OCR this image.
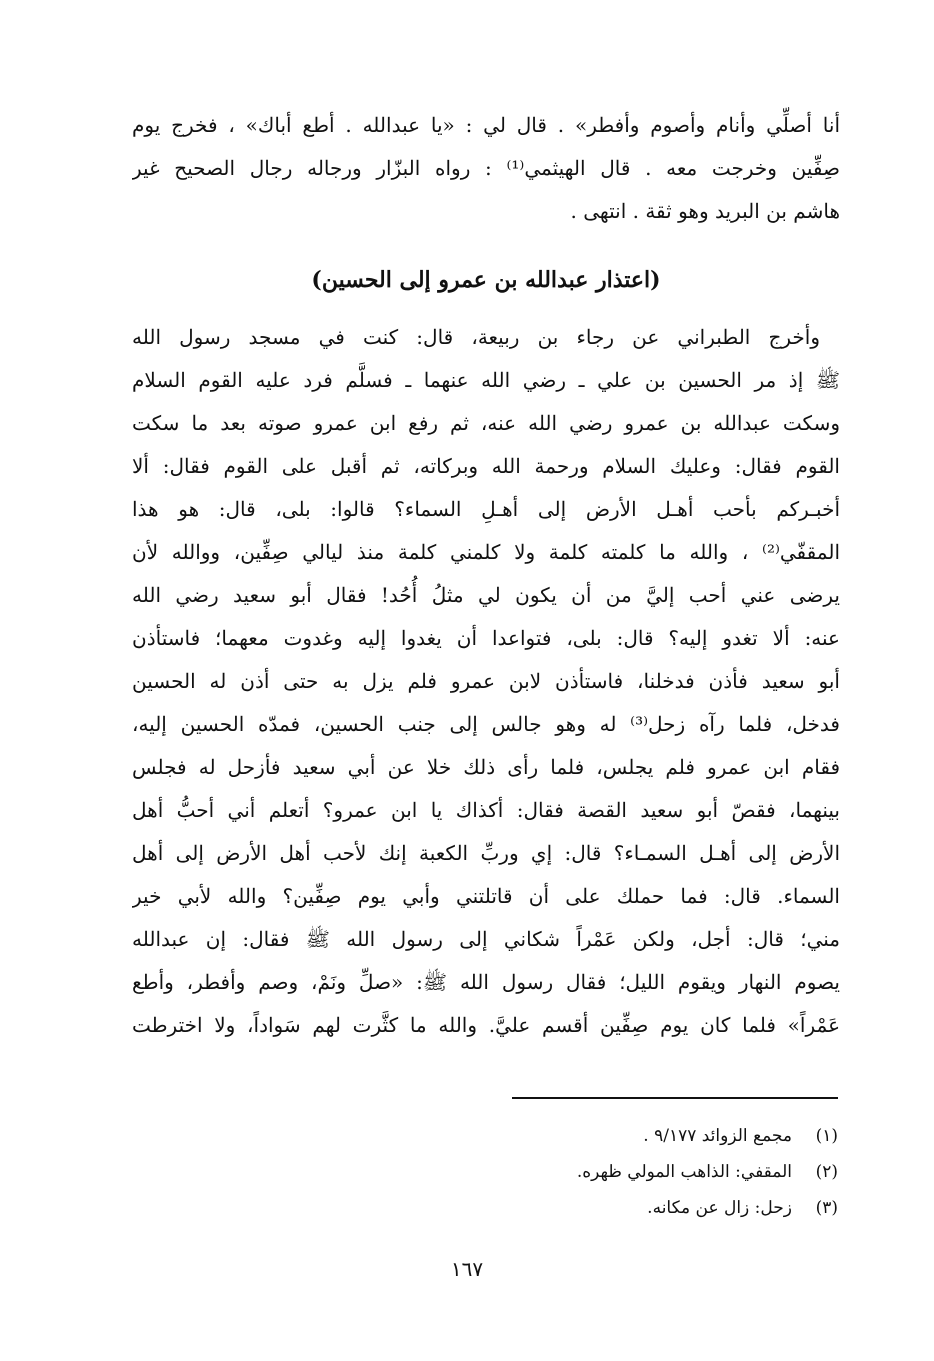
أنا أصلِّي وأنام وأصوم وأفطر» . قال لي : «يا عبدالله . أطع أباك» ، فخرج يوم
صِفِّين وخرجت معه . قال الهيثمي⁽¹⁾ : رواه البزّار ورجاله رجال الصحيح غير
هاشم بن البريد وهو ثقة . انتهى .
(اعتذار عبدالله بن عمرو إلى الحسين)
وأخرج الطبراني عن رجاء بن ربيعة، قال: كنت في مسجد رسول الله
ﷺ إذ مر الحسين بن علي ـ رضي الله عنهما ـ فسلَّم فرد عليه القوم السلام
وسكت عبدالله بن عمرو رضي الله عنه، ثم رفع ابن عمرو صوته بعد ما سكت
القوم فقال: وعليك السلام ورحمة الله وبركاته، ثم أقبل على القوم فقال: ألا
أخبـركم بأحب أهـل الأرض إلى أهـلِ السماء؟ قالوا: بلى، قال: هو هذا
المقفّي⁽²⁾ ، والله ما كلمته كلمة ولا كلمني كلمة منذ ليالي صِفِّين، ووالله لأن
يرضى عني أحب إليَّ من أن يكون لي مثلُ أُحُد! فقال أبو سعيد رضي الله
عنه: ألا تغدو إليه؟ قال: بلى، فتواعدا أن يغدوا إليه وغدوت معهما؛ فاستأذن
أبو سعيد فأذن فدخلنا، فاستأذن لابن عمرو فلم يزل به حتى أذن له الحسين
فدخل، فلما رآه زحل⁽³⁾ له وهو جالس إلى جنب الحسين، فمدّه الحسين إليه،
فقام ابن عمرو فلم يجلس، فلما رأى ذلك خلا عن أبي سعيد فأزحل له فجلس
بينهما، فقصّ أبو سعيد القصة فقال: أكذاك يا ابن عمرو؟ أتعلم أني أحبُّ أهل
الأرض إلى أهـل السمـاء؟ قال: إي وربِّ الكعبة إنك لأحب أهل الأرض إلى أهل
السماء. قال: فما حملك على أن قاتلتني وأبي يوم صِفِّين؟ والله لأبي خير
مني؛ قال: أجل، ولكن عَمْراً شكاني إلى رسول الله ﷺ فقال: إن عبدالله
يصوم النهار ويقوم الليل؛ فقال رسول الله ﷺ: «صلِّ ونَمْ، وصم وأفطر، وأطع
عَمْراً» فلما كان يوم صِفِّين أقسم عليَّ. والله ما كثَّرت لهم سَواداً، ولا اخترطت
(١)
مجمع الزوائد ٩/١٧٧ .
(٢)
المقفي: الذاهب المولي ظهره.
(٣)
زحل: زال عن مكانه.
١٦٧
